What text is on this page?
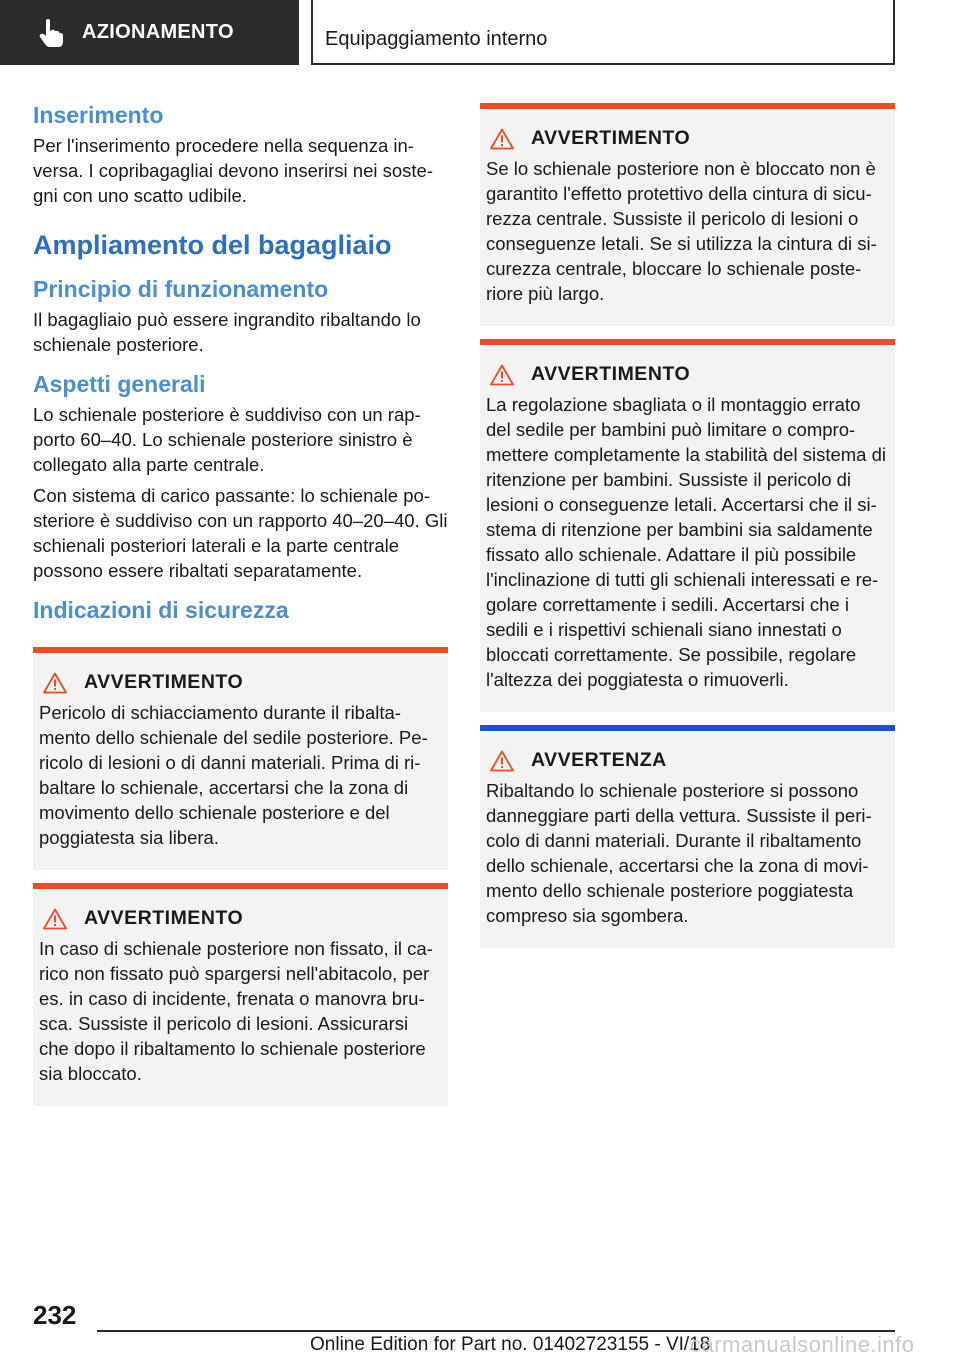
AZIONAMENTO	Equipaggiamento interno
Inserimento
Per l'inserimento procedere nella sequenza in-versa. I copribagagliai devono inserirsi nei soste-gni con uno scatto udibile.
Ampliamento del bagagliaio
Principio di funzionamento
Il bagagliaio può essere ingrandito ribaltando lo schienale posteriore.
Aspetti generali
Lo schienale posteriore è suddiviso con un rap-porto 60–40. Lo schienale posteriore sinistro è collegato alla parte centrale.
Con sistema di carico passante: lo schienale po-steriore è suddiviso con un rapporto 40–20–40. Gli schienali posteriori laterali e la parte centrale possono essere ribaltati separatamente.
Indicazioni di sicurezza
AVVERTIMENTO
Pericolo di schiacciamento durante il ribalta-mento dello schienale del sedile posteriore. Pe-ricolo di lesioni o di danni materiali. Prima di ri-baltare lo schienale, accertarsi che la zona di movimento dello schienale posteriore e del poggiatesta sia libera.
AVVERTIMENTO
In caso di schienale posteriore non fissato, il ca-rico non fissato può spargersi nell'abitacolo, per es. in caso di incidente, frenata o manovra bru-sca. Sussiste il pericolo di lesioni. Assicurarsi che dopo il ribaltamento lo schienale posteriore sia bloccato.
AVVERTIMENTO
Se lo schienale posteriore non è bloccato non è garantito l'effetto protettivo della cintura di sicu-rezza centrale. Sussiste il pericolo di lesioni o conseguenze letali. Se si utilizza la cintura di si-curezza centrale, bloccare lo schienale poste-riore più largo.
AVVERTIMENTO
La regolazione sbagliata o il montaggio errato del sedile per bambini può limitare o compro-mettere completamente la stabilità del sistema di ritenzione per bambini. Sussiste il pericolo di lesioni o conseguenze letali. Accertarsi che il si-stema di ritenzione per bambini sia saldamente fissato allo schienale. Adattare il più possibile l'inclinazione di tutti gli schienali interessati e re-golare correttamente i sedili. Accertarsi che i sedili e i rispettivi schienali siano innestati o bloccati correttamente. Se possibile, regolare l'altezza dei poggiatesta o rimuoverli.
AVVERTENZA
Ribaltando lo schienale posteriore si possono danneggiare parti della vettura. Sussiste il peri-colo di danni materiali. Durante il ribaltamento dello schienale, accertarsi che la zona di movi-mento dello schienale posteriore poggiatesta compreso sia sgombera.
232
Online Edition for Part no. 01402723155 - VI/18
carmanualsonline.info
